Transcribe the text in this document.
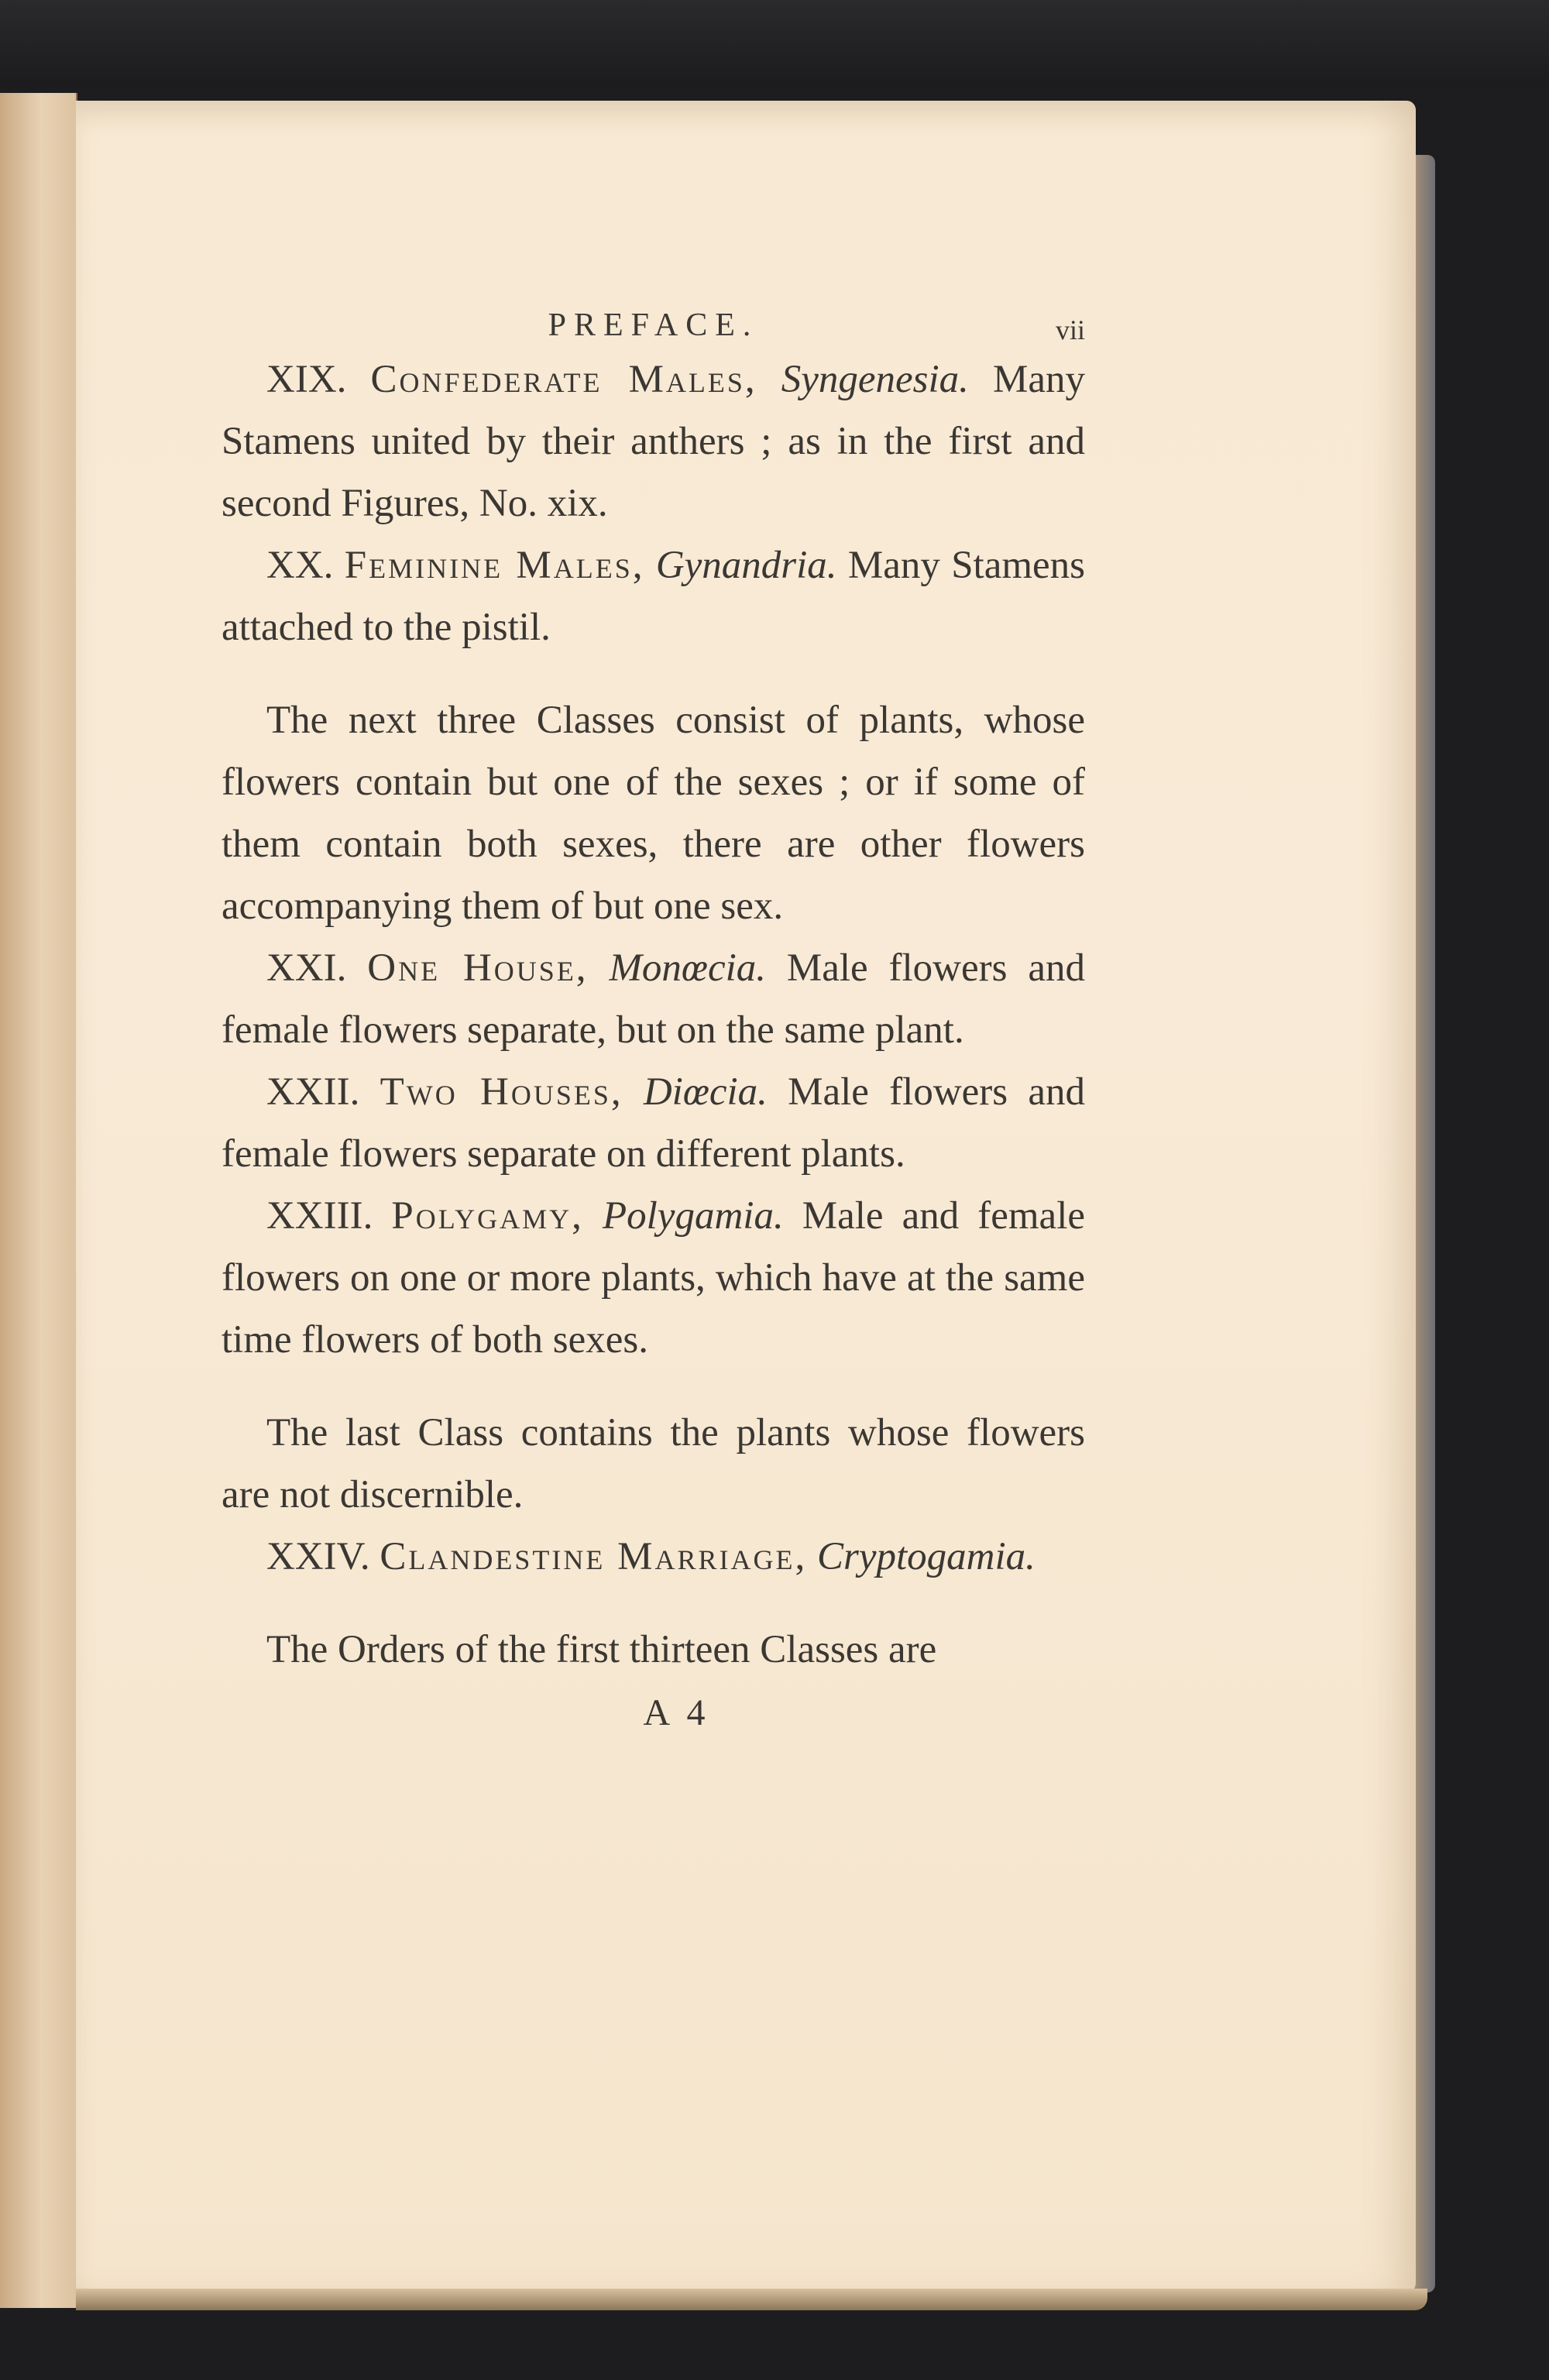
PREFACE.	vii

XIX. Confederate Males, Syngenesia. Many Stamens united by their anthers ; as in the first and second Figures, No. xix.

XX. Feminine Males, Gynandria. Many Stamens attached to the pistil.

The next three Classes consist of plants, whose flowers contain but one of the sexes ; or if some of them contain both sexes, there are other flowers accompanying them of but one sex.

XXI. One House, Monœcia. Male flowers and female flowers separate, but on the same plant.

XXII. Two Houses, Diœcia. Male flowers and female flowers separate on different plants.

XXIII. Polygamy, Polygamia. Male and female flowers on one or more plants, which have at the same time flowers of both sexes.

The last Class contains the plants whose flowers are not discernible.

XXIV. Clandestine Marriage, Cryptogamia.

The Orders of the first thirteen Classes are

A 4
